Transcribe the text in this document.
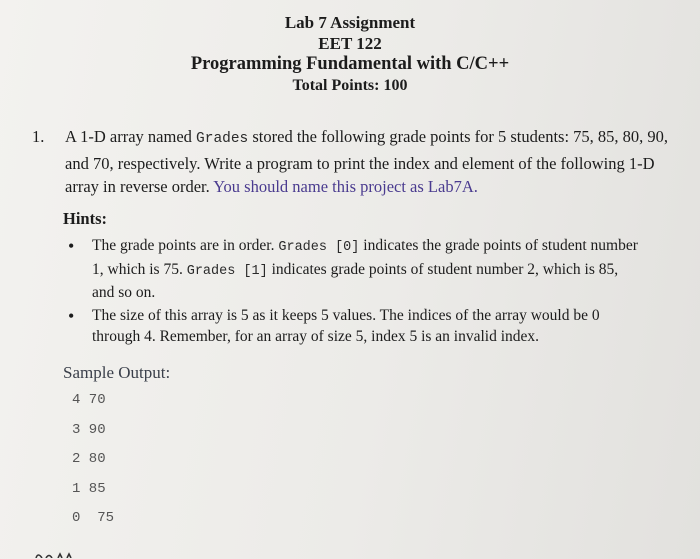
Lab 7 Assignment
EET 122
Programming Fundamental with C/C++
Total Points: 100
1.	A 1-D array named Grades stored the following grade points for 5 students: 75, 85, 80, 90, and 70, respectively. Write a program to print the index and element of the following 1-D array in reverse order. You should name this project as Lab7A.
Hints:
• The grade points are in order. Grades [0] indicates the grade points of student number 1, which is 75. Grades [1] indicates grade points of student number 2, which is 85, and so on.
• The size of this array is 5 as it keeps 5 values. The indices of the array would be 0 through 4. Remember, for an array of size 5, index 5 is an invalid index.
Sample Output:
4 70
3 90
2 80
1 85
0  75
